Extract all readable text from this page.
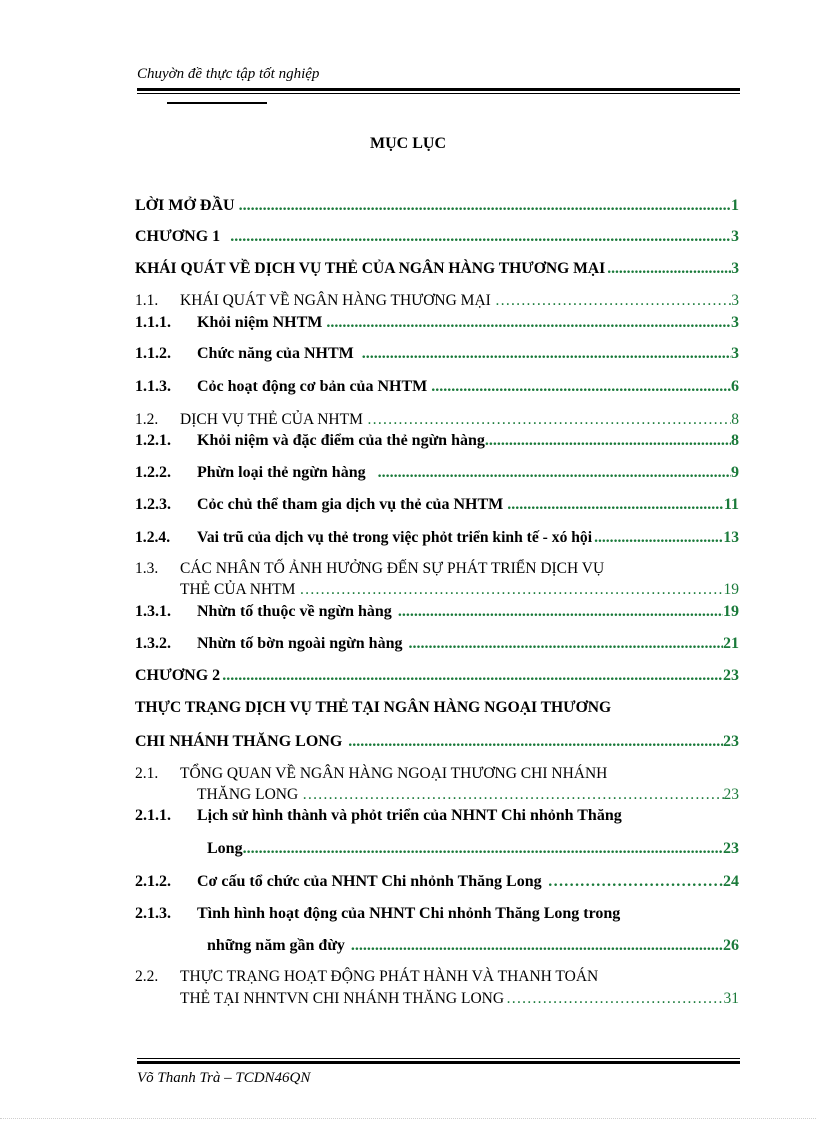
Chuyờn đề thực tập tốt nghiệp
MỤC LỤC
LỜI MỞ ĐẦU .....	1
CHƯƠNG 1 .....	3
KHÁI QUÁT VỀ DỊCH VỤ THẺ CỦA NGÂN HÀNG THƯƠNG MẠI .....	3
1.1.	KHÁI QUÁT VỀ NGÂN HÀNG THƯƠNG MẠI ………………………………………………………………………………………………………………………………………………………………	3
1.1.1.	Khỏi niệm NHTM .....	3
1.1.2.	Chức năng của NHTM .....	3
1.1.3.	Cỏc hoạt động cơ bản của NHTM .....	6
1.2.	DỊCH VỤ THẺ CỦA NHTM ………………………………………………………………………………………………………………………………………………………………	8
1.2.1.	Khỏi niệm và đặc điểm của thẻ ngừn hàng .....	8
1.2.2.	Phừn loại thẻ ngừn hàng .....	9
1.2.3.	Cỏc chủ thể tham gia dịch vụ thẻ của NHTM .....	11
1.2.4.	Vai trũ của dịch vụ thẻ trong việc phỏt triển kinh tế - xó hội .....	13
1.3.	CÁC NHÂN TỐ ẢNH HƯỞNG ĐẾN SỰ PHÁT TRIỂN DỊCH VỤ
THẺ CỦA NHTM ………………………………………………………………………………………………………………………………………………………………	19
1.3.1.	Nhừn tố thuộc về ngừn hàng .....	19
1.3.2.	Nhừn tố bờn ngoài ngừn hàng .....	21
CHƯƠNG 2 .....	23
THỰC TRẠNG DỊCH VỤ THẺ TẠI NGÂN HÀNG NGOẠI THƯƠNG
CHI NHÁNH THĂNG LONG .....	23
2.1.	TỔNG QUAN VỀ NGÂN HÀNG NGOẠI THƯƠNG CHI NHÁNH
THĂNG LONG ………………………………………………………………………………………………………………………………………………………………	23
2.1.1.	Lịch sử hình thành và phỏt triển của NHNT Chi nhỏnh Thăng
Long .....	23
2.1.2.	Cơ cấu tổ chức của NHNT Chi nhỏnh Thăng Long ………………………………………………………………………………………………………………………………………………………………	24
2.1.3.	Tình hình hoạt động của NHNT Chi nhỏnh Thăng Long trong
những năm gần đừy .....	26
2.2.	THỰC TRẠNG HOẠT ĐỘNG PHÁT HÀNH VÀ THANH TOÁN
THẺ TẠI NHNTVN CHI NHÁNH THĂNG LONG ………………………………………………………………………………………………………………………………………………………………	31
Võ Thanh Trà – TCDN46QN
